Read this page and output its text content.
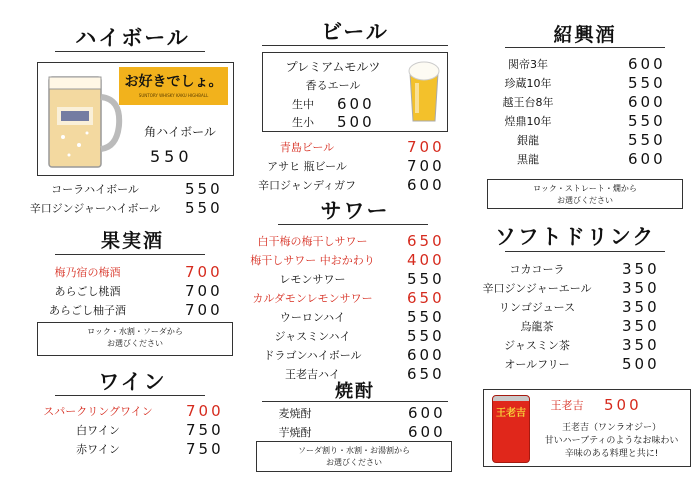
ハイボール
お好きでしょ。
SUNTORY WHISKY KAKU HIGHBALL
角ハイボール
550
コーラハイボール	550
辛口ジンジャーハイボール	550
果実酒
梅乃宿の梅酒	700
あらごし桃酒	700
あらごし柚子酒	700
ロック・水割・ソーダから
お選びください
ワイン
スパークリングワイン	700
白ワイン	750
赤ワイン	750
ビール
プレミアムモルツ
香るエール
生中	600
生小	500
青島ビール	700
アサヒ 瓶ビール	700
辛口ジャンディガフ	600
サワー
白干梅の梅干しサワー	650
梅干しサワー 中おかわり	400
レモンサワー	550
カルダモンレモンサワー	650
ウーロンハイ	550
ジャスミンハイ	550
ドラゴンハイボール	600
王老吉ハイ	650
焼酎
麦焼酎	600
芋焼酎	600
ソーダ割り・水割・お湯割から
お選びください
紹興酒
関帝3年	600
珍蔵10年	550
越王台8年	600
煌鼎10年	550
銀龍	550
黒龍	600
ロック・ストレート・燗から
お選びください
ソフトドリンク
コカコーラ	350
辛口ジンジャーエール	350
リンゴジュース	350
烏龍茶	350
ジャスミン茶	350
オールフリー	500
王老吉
王老吉	500
王老吉（ワンラオジー）
甘いハーブティのようなお味わい
辛味のある料理と共に!
